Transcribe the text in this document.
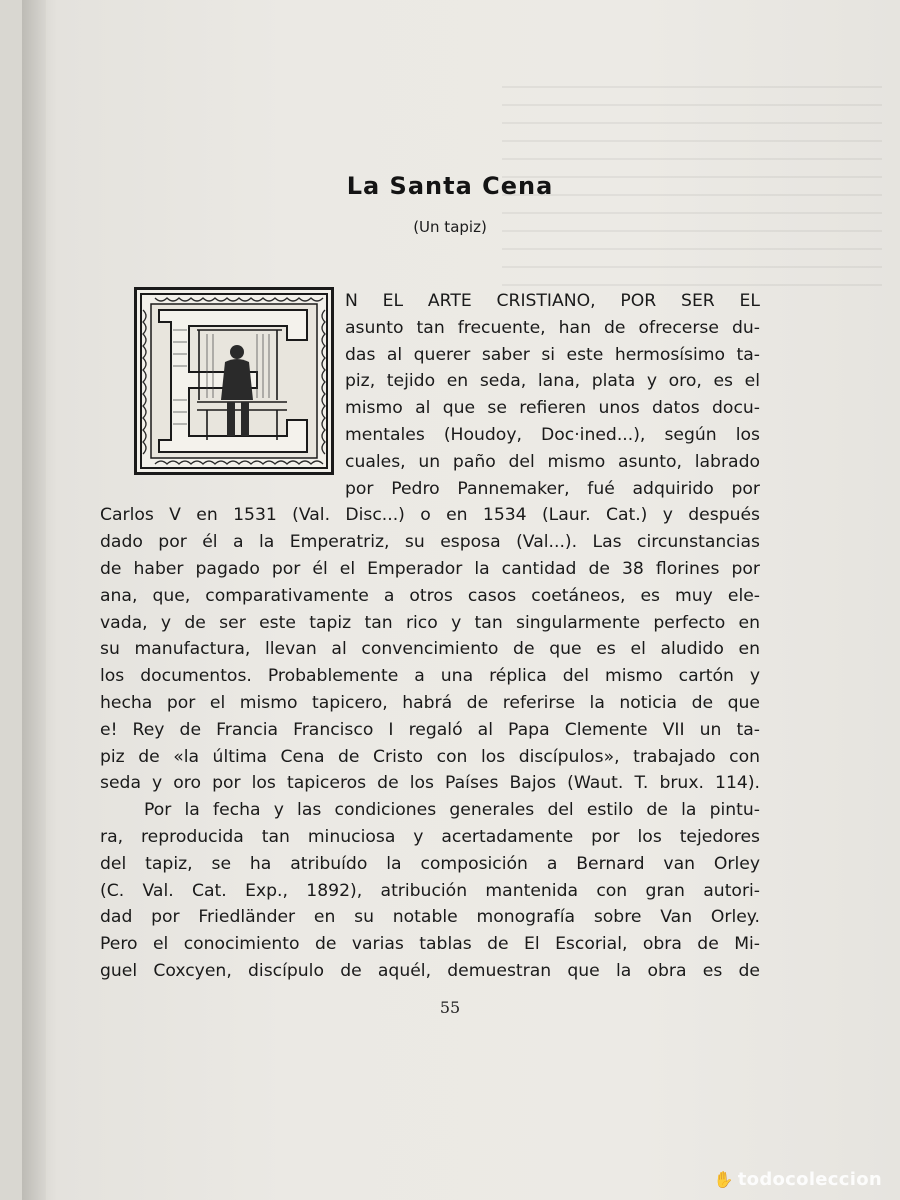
La Santa Cena
(Un tapiz)
N EL ARTE CRISTIANO, POR SER EL
asunto tan frecuente, han de ofrecerse du-
das al querer saber si este hermosísimo ta-
piz, tejido en seda, lana, plata y oro, es el
mismo al que se refieren unos datos docu-
mentales (Houdoy, Doc·ined...), según los
cuales, un paño del mismo asunto, labrado
por Pedro Pannemaker, fué adquirido por
Carlos V en 1531 (Val. Disc...) o en 1534 (Laur. Cat.) y después
dado por él a la Emperatriz, su esposa (Val...). Las circunstancias
de haber pagado por él el Emperador la cantidad de 38 florines por
ana, que, comparativamente a otros casos coetáneos, es muy ele-
vada, y de ser este tapiz tan rico y tan singularmente perfecto en
su manufactura, llevan al convencimiento de que es el aludido en
los documentos. Probablemente a una réplica del mismo cartón y
hecha por el mismo tapicero, habrá de referirse la noticia de que
e! Rey de Francia Francisco I regaló al Papa Clemente VII un ta-
piz de «la última Cena de Cristo con los discípulos», trabajado con
seda y oro por los tapiceros de los Países Bajos (Waut. T. brux. 114).
Por la fecha y las condiciones generales del estilo de la pintu-
ra, reproducida tan minuciosa y acertadamente por los tejedores
del tapiz, se ha atribuído la composición a Bernard van Orley
(C. Val. Cat. Exp., 1892), atribución mantenida con gran autori-
dad por Friedländer en su notable monografía sobre Van Orley.
Pero el conocimiento de varias tablas de El Escorial, obra de Mi-
guel Coxcyen, discípulo de aquél, demuestran que la obra es de
55
✋ todocoleccion
